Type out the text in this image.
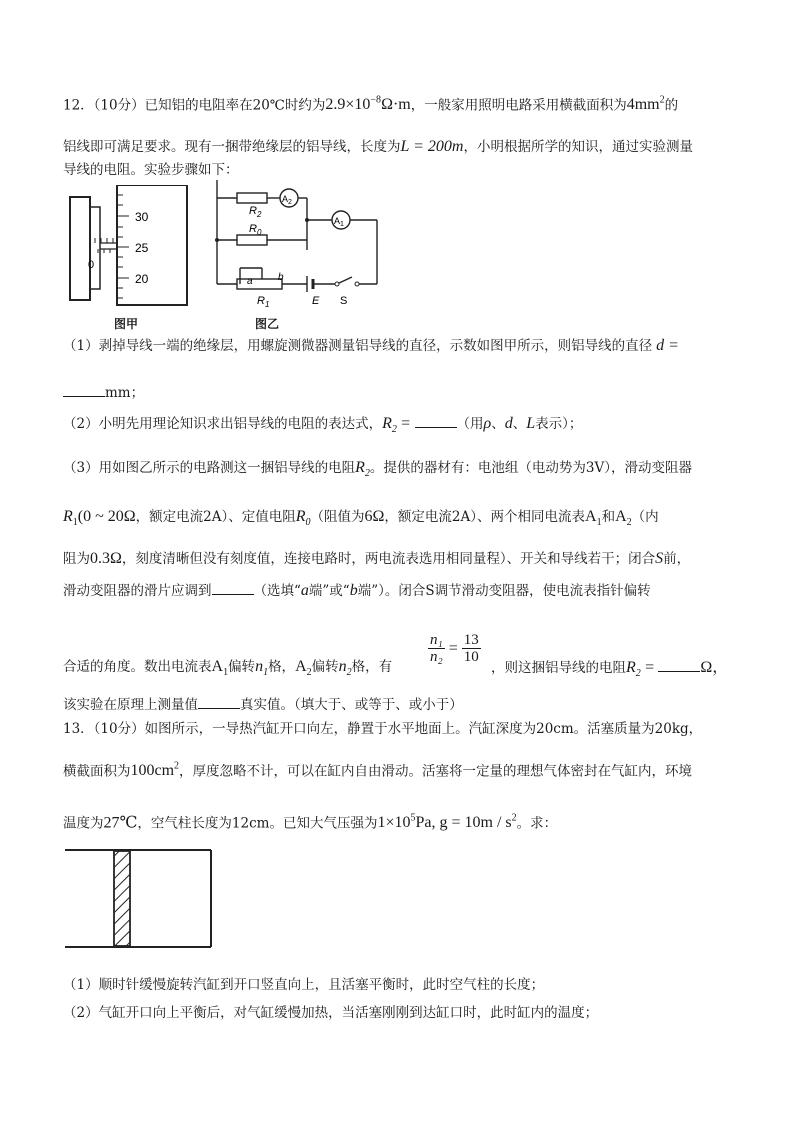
12．（10分）已知铝的电阻率在20℃时约为$2.9\times 10^{-8}\Omega\cdot m$，一般家用照明电路采用横截面积为$4mm^2$的
铝线即可满足要求。现有一捆带绝缘层的铝导线，长度为L = 200m，小明根据所学的知识，通过实验测量
导线的电阻。实验步骤如下：
30
25
20
0
图甲
$R_2$
$A_2$
$A_1$
$R_0$
a	b
$R_1$	E S
图乙
（1）剥掉导线一端的绝缘层，用螺旋测微器测量铝导线的直径，示数如图甲所示，则铝导线的直径 d =
mm；
（2）小明先用理论知识求出铝导线的电阻的表达式，$R_2$ =	（用ρ、d、L表示）；
（3）用如图乙所示的电路测这一捆铝导线的电阻$R_2$。提供的器材有：电池组（电动势为3V），滑动变阻器
$R_1(0$ ~ 20Ω，额定电流2A）、定值电阻$R_0$（阻值为6Ω，额定电流2A）、两个相同电流表$A_1$和$A_2$（内
阻为0.3Ω，刻度清晰但没有刻度值，连接电路时，两电流表选用相同量程）、开关和导线若干；闭合S前，
滑动变阻器的滑片应调到	（选填“a端”或“b端”）。闭合S调节滑动变阻器，使电流表指针偏转
合适的角度。数出电流表$A_1$偏转$n_1$格，$A_2$偏转$n_2$格，有
$\frac{\text{n₁}}{\text{n₂}} = \frac{13}{10}$
，则这捆铝导线的电阻$R_2$ =	Ω，
该实验在原理上测量值	真实值。（填大于、或等于、或小于）
13．（10分）如图所示，一导热汽缸开口向左，静置于水平地面上。汽缸深度为20cm。活塞质量为20kg，
横截面积为$100cm^2$，厚度忽略不计，可以在缸内自由滑动。活塞将一定量的理想气体密封在气缸内，环境
温度为27℃，空气柱长度为12cm。已知大气压强为$1\times 10^5Pa$, $g = 10m / s^2$。求：
（1）顺时针缓慢旋转汽缸到开口竖直向上，且活塞平衡时，此时空气柱的长度；
（2）气缸开口向上平衡后，对气缸缓慢加热，当活塞刚刚到达缸口时，此时缸内的温度；
